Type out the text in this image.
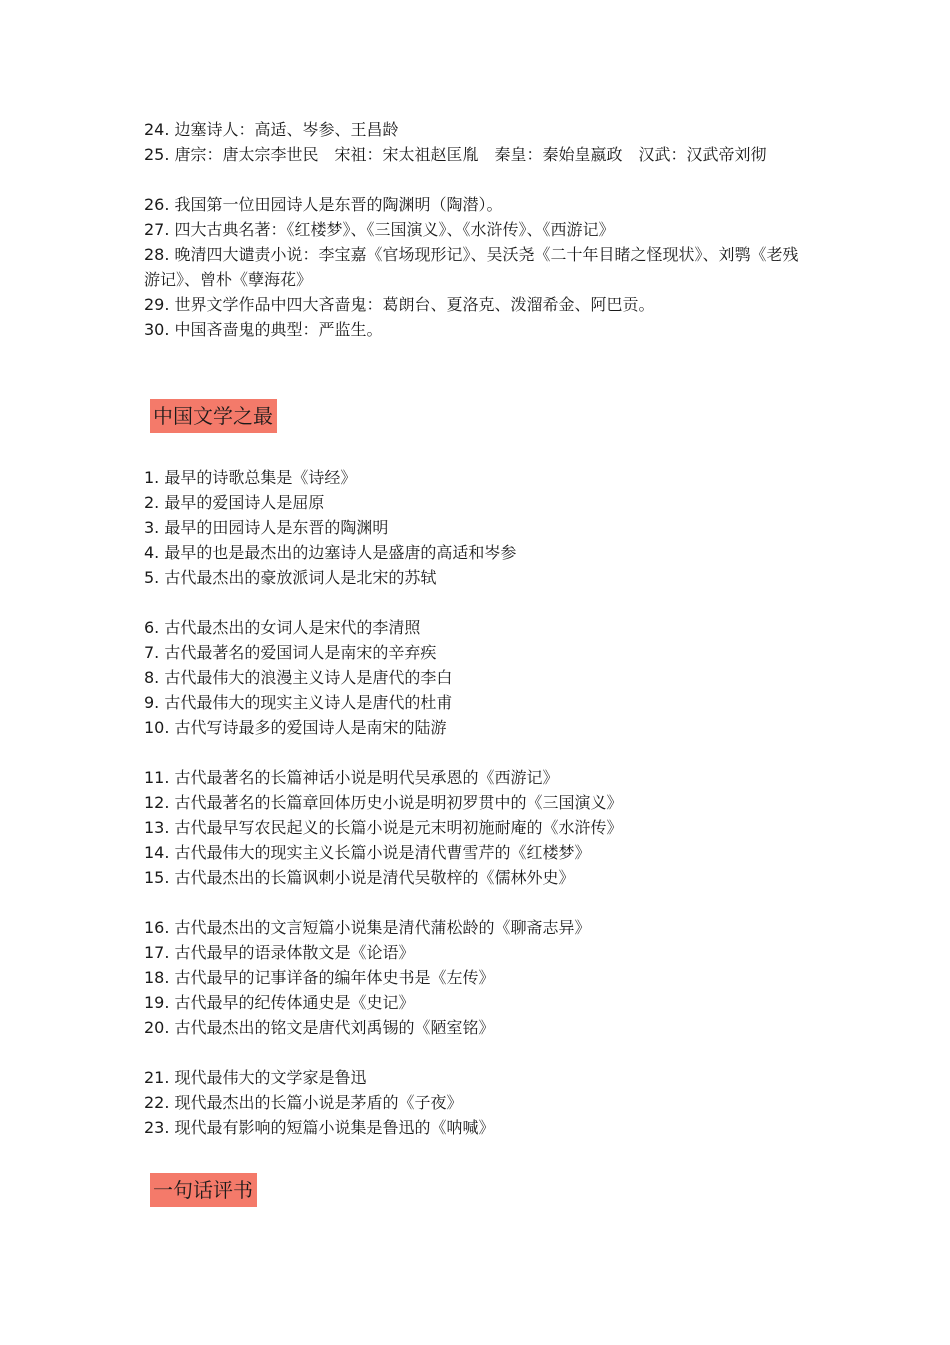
24. 边塞诗人：高适、岑参、王昌龄
25. 唐宗：唐太宗李世民　宋祖：宋太祖赵匡胤　秦皇：秦始皇嬴政　汉武：汉武帝刘彻
26. 我国第一位田园诗人是东晋的陶渊明（陶潜）。
27. 四大古典名著：《红楼梦》、《三国演义》、《水浒传》、《西游记》
28. 晚清四大谴责小说：李宝嘉《官场现形记》、吴沃尧《二十年目睹之怪现状》、刘鹗《老残游记》、曾朴《孽海花》
29. 世界文学作品中四大吝啬鬼：葛朗台、夏洛克、泼溜希金、阿巴贡。
30. 中国吝啬鬼的典型：严监生。
中国文学之最
1. 最早的诗歌总集是《诗经》
2. 最早的爱国诗人是屈原
3. 最早的田园诗人是东晋的陶渊明
4. 最早的也是最杰出的边塞诗人是盛唐的高适和岑参
5. 古代最杰出的豪放派词人是北宋的苏轼
6. 古代最杰出的女词人是宋代的李清照
7. 古代最著名的爱国词人是南宋的辛弃疾
8. 古代最伟大的浪漫主义诗人是唐代的李白
9. 古代最伟大的现实主义诗人是唐代的杜甫
10. 古代写诗最多的爱国诗人是南宋的陆游
11. 古代最著名的长篇神话小说是明代吴承恩的《西游记》
12. 古代最著名的长篇章回体历史小说是明初罗贯中的《三国演义》
13. 古代最早写农民起义的长篇小说是元末明初施耐庵的《水浒传》
14. 古代最伟大的现实主义长篇小说是清代曹雪芹的《红楼梦》
15. 古代最杰出的长篇讽刺小说是清代吴敬梓的《儒林外史》
16. 古代最杰出的文言短篇小说集是清代蒲松龄的《聊斋志异》
17. 古代最早的语录体散文是《论语》
18. 古代最早的记事详备的编年体史书是《左传》
19. 古代最早的纪传体通史是《史记》
20. 古代最杰出的铭文是唐代刘禹锡的《陋室铭》
21. 现代最伟大的文学家是鲁迅
22. 现代最杰出的长篇小说是茅盾的《子夜》
23. 现代最有影响的短篇小说集是鲁迅的《呐喊》
一句话评书
